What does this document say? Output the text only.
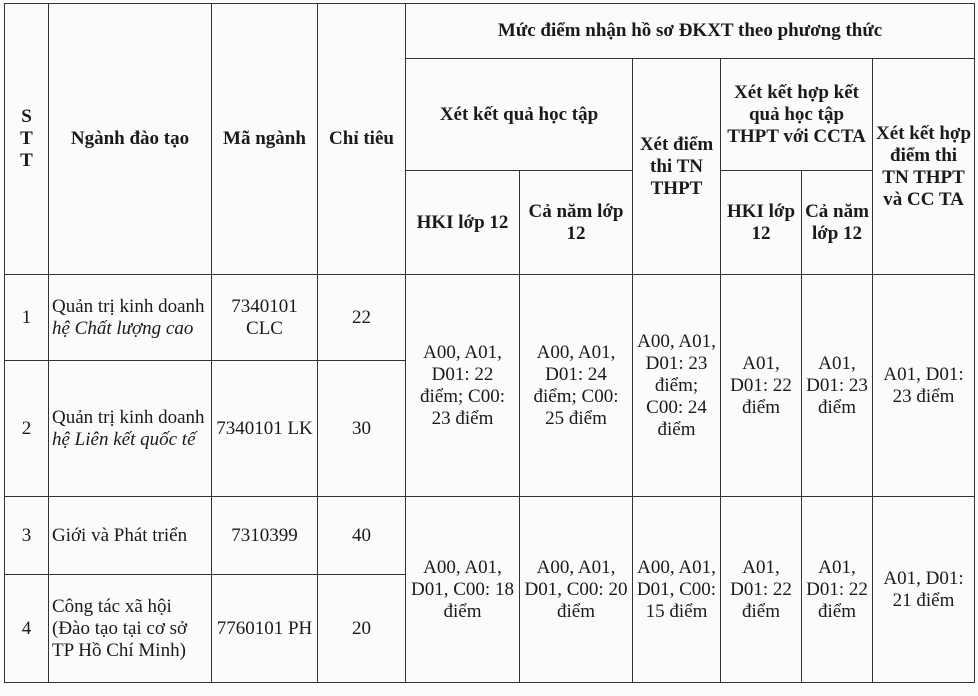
S
T
T	Ngành đào tạo	Mã ngành	Chỉ tiêu	Mức điểm nhận hồ sơ ĐKXT theo phương thức					
				Xét kết quả học tập		Xét điểm thi TN THPT	Xét kết hợp kết quả học tập THPT với CCTA		Xét kết hợp điểm thi TN THPT và CC TA
				HKI lớp 12	Cả năm lớp 12		HKI lớp 12	Cả năm lớp 12	
1	Quản trị kinh doanh hệ Chất lượng cao	7340101 CLC	22	A00, A01, D01: 22 điểm; C00: 23 điểm	A00, A01, D01: 24 điểm; C00: 25 điểm	A00, A01, D01: 23 điểm; C00: 24 điểm	A01, D01: 22 điểm	A01, D01: 23 điểm	A01, D01: 23 điểm
2	Quản trị kinh doanh hệ Liên kết quốc tế	7340101 LK	30						
3	Giới và Phát triển	7310399	40	A00, A01, D01, C00: 18 điểm	A00, A01, D01, C00: 20 điểm	A00, A01, D01, C00: 15 điểm	A01, D01: 22 điểm	A01, D01: 22 điểm	A01, D01: 21 điểm
4	Công tác xã hội (Đào tạo tại cơ sở TP Hồ Chí Minh)	7760101 PH	20						
